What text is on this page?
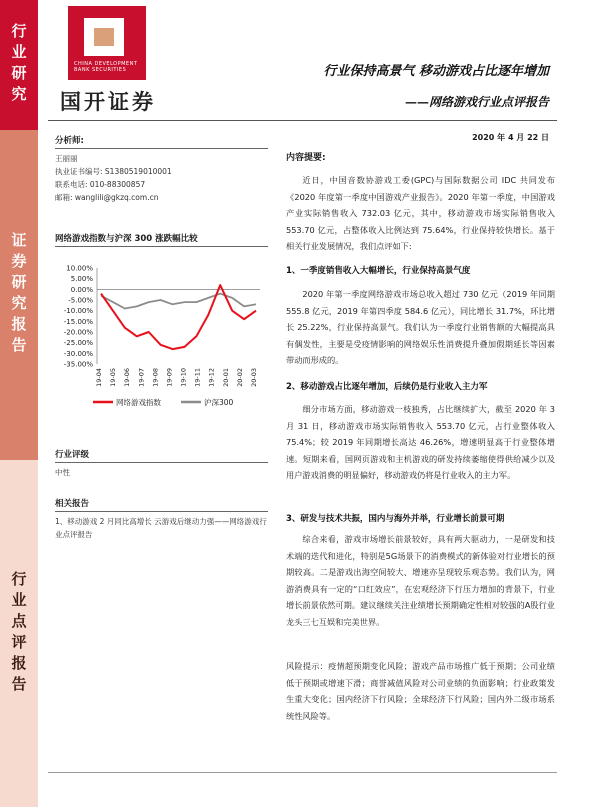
行业研究
证券研究报告
行业点评报告
CHINA DEVELOPMENT BANK SECURITIES
国开证券
行业保持高景气 移动游戏占比逐年增加
——网络游戏行业点评报告
2020 年 4 月 22 日
分析师:
王丽丽
执业证书编号: S1380519010001
联系电话: 010-88300857
邮箱: wanglili@gkzq.com.cn
网络游戏指数与沪深 300 涨跌幅比较
10.00%
5.00%
0.00%
-5.00%
-10.00%
-15.00%
-20.00%
-25.00%
-30.00%
-35.00%
19-04 19-05 19-06 19-07 19-08 19-09 19-10 19-11 19-12 20-01 20-02 20-03
网络游戏指数	沪深300
行业评级
中性
相关报告
1、移动游戏 2 月同比高增长 云游戏后继动力强——网络游戏行业点评报告
内容提要:

近日，中国音数协游戏工委(GPC)与国际数据公司 IDC 共同发布《2020 年度第一季度中国游戏产业报告》。2020 年第一季度，中国游戏产业实际销售收入 732.03 亿元，其中，移动游戏市场实际销售收入 553.70 亿元，占整体收入比例达到 75.64%，行业保持较快增长。基于相关行业发展情况，我们点评如下:

1、一季度销售收入大幅增长，行业保持高景气度

2020 年第一季度网络游戏市场总收入超过 730 亿元（2019 年同期 555.8 亿元，2019 年第四季度 584.6 亿元），同比增长 31.7%，环比增长 25.22%，行业保持高景气。我们认为一季度行业销售额的大幅提高具有偶发性，主要是受疫情影响的网络娱乐性消费提升叠加假期延长等因素带动而形成的。

2、移动游戏占比逐年增加，后续仍是行业收入主力军

细分市场方面，移动游戏一枝独秀，占比继续扩大，截至 2020 年 3 月 31 日，移动游戏市场实际销售收入 553.70 亿元，占行业整体收入 75.4%；较 2019 年同期增长高达 46.26%，增速明显高于行业整体增速。短期来看，国网页游戏和主机游戏的研发持续萎缩使得供给减少以及用户游戏消费的明显偏好，移动游戏仍将是行业收入的主力军。

3、研发与技术共振，国内与海外并举，行业增长前景可期

综合来看，游戏市场增长前景较好，具有两大驱动力，一是研发和技术端的迭代和进化，特别是5G场景下的消费模式的新体验对行业增长的预期较高。二是游戏出海空间较大、增速亦呈现较乐观态势。我们认为，网游消费具有一定的“口红效应”，在宏观经济下行压力增加的背景下，行业增长前景依然可期。建议继续关注业绩增长预期确定性相对较强的A股行业龙头三七互娱和完美世界。

风险提示：疫情超预期变化风险；游戏产品市场推广低于预期；公司业绩低于预期或增速下滑；商誉减值风险对公司业绩的负面影响；行业政策发生重大变化；国内经济下行风险；全球经济下行风险；国内外二级市场系统性风险等。
